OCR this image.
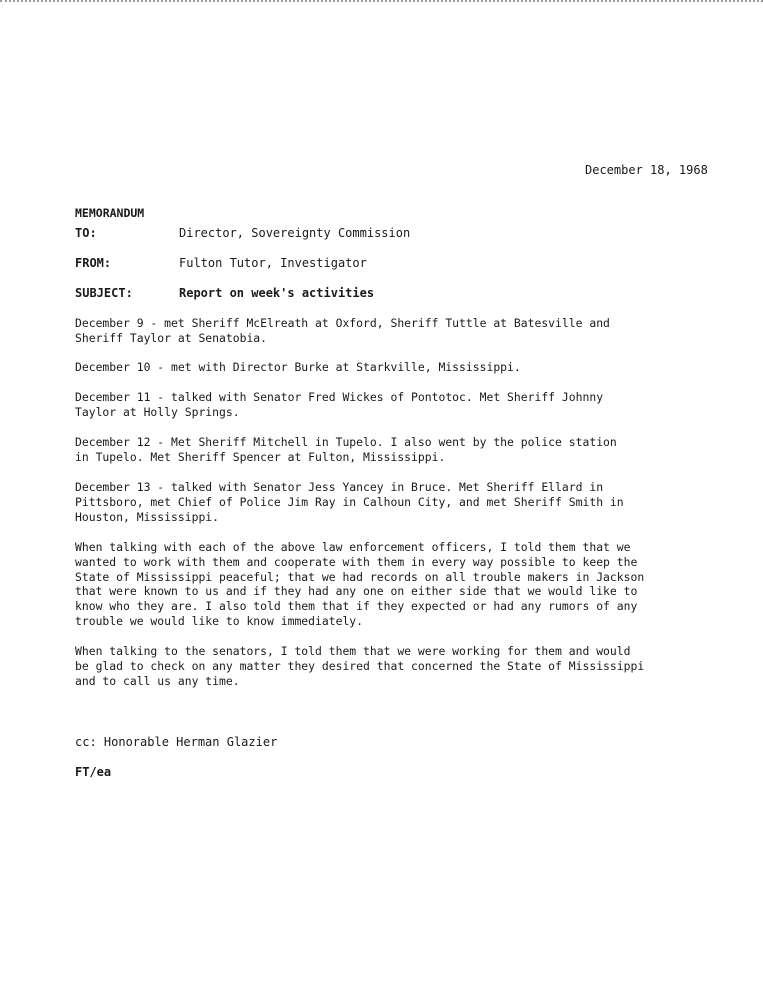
December 18, 1968
MEMORANDUM
TO:	Director, Sovereignty Commission
FROM:	Fulton Tutor, Investigator
SUBJECT:	Report on week's activities
December 9 - met Sheriff McElreath at Oxford, Sheriff Tuttle at Batesville and
Sheriff Taylor at Senatobia.
December 10 - met with Director Burke at Starkville, Mississippi.
December 11 - talked with Senator Fred Wickes of Pontotoc. Met Sheriff Johnny
Taylor at Holly Springs.
December 12 - Met Sheriff Mitchell in Tupelo. I also went by the police station
in Tupelo. Met Sheriff Spencer at Fulton, Mississippi.
December 13 - talked with Senator Jess Yancey in Bruce. Met Sheriff Ellard in
Pittsboro, met Chief of Police Jim Ray in Calhoun City, and met Sheriff Smith in
Houston, Mississippi.
When talking with each of the above law enforcement officers, I told them that we
wanted to work with them and cooperate with them in every way possible to keep the
State of Mississippi peaceful; that we had records on all trouble makers in Jackson
that were known to us and if they had any one on either side that we would like to
know who they are. I also told them that if they expected or had any rumors of any
trouble we would like to know immediately.
When talking to the senators, I told them that we were working for them and would
be glad to check on any matter they desired that concerned the State of Mississippi
and to call us any time.
cc: Honorable Herman Glazier
FT/ea
